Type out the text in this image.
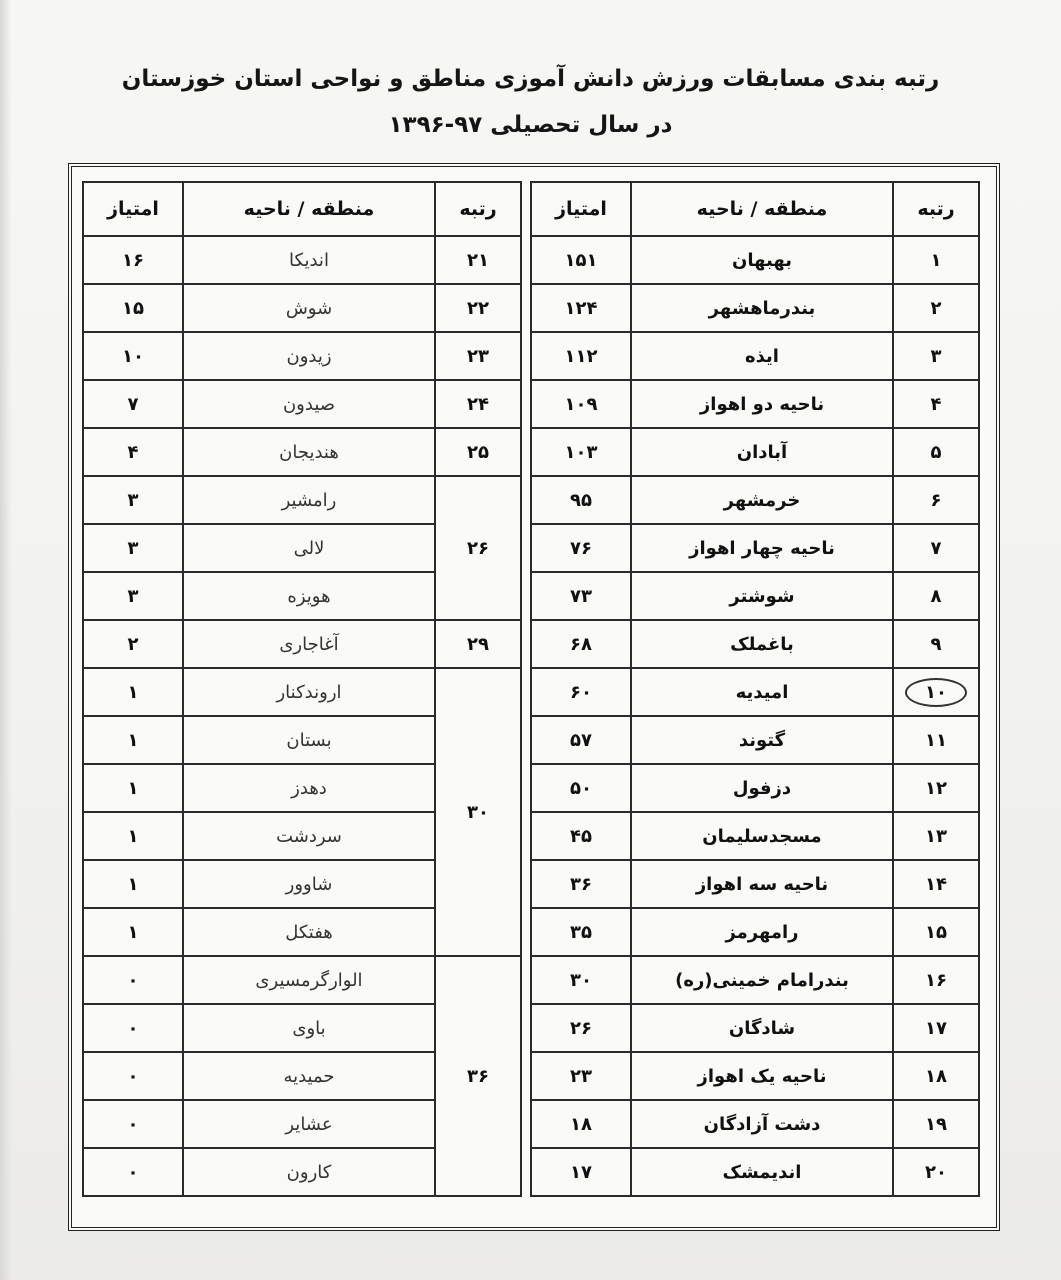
رتبه بندی مسابقات ورزش دانش آموزی مناطق و نواحی استان خوزستان
در سال تحصیلی ۹۷-۱۳۹۶
رتبه	منطقه / ناحیه	امتیاز
۱	بهبهان	۱۵۱
۲	بندرماهشهر	۱۲۴
۳	ایذه	۱۱۲
۴	ناحیه دو اهواز	۱۰۹
۵	آبادان	۱۰۳
۶	خرمشهر	۹۵
۷	ناحیه چهار اهواز	۷۶
۸	شوشتر	۷۳
۹	باغملک	۶۸
۱۰	امیدیه	۶۰
۱۱	گتوند	۵۷
۱۲	دزفول	۵۰
۱۳	مسجدسلیمان	۴۵
۱۴	ناحیه سه اهواز	۳۶
۱۵	رامهرمز	۳۵
۱۶	بندرامام خمینی(ره)	۳۰
۱۷	شادگان	۲۶
۱۸	ناحیه یک اهواز	۲۳
۱۹	دشت آزادگان	۱۸
۲۰	اندیمشک	۱۷
رتبه	منطقه / ناحیه	امتیاز
۲۱	اندیکا	۱۶
۲۲	شوش	۱۵
۲۳	زیدون	۱۰
۲۴	صیدون	۷
۲۵	هندیجان	۴
۲۶	رامشیر	۳
	لالی	۳
	هویزه	۳
۲۹	آغاجاری	۲
۳۰	اروندکنار	۱
	بستان	۱
	دهدز	۱
	سردشت	۱
	شاوور	۱
	هفتکل	۱
۳۶	الوارگرمسیری	۰
	باوی	۰
	حمیدیه	۰
	عشایر	۰
	کارون	۰
